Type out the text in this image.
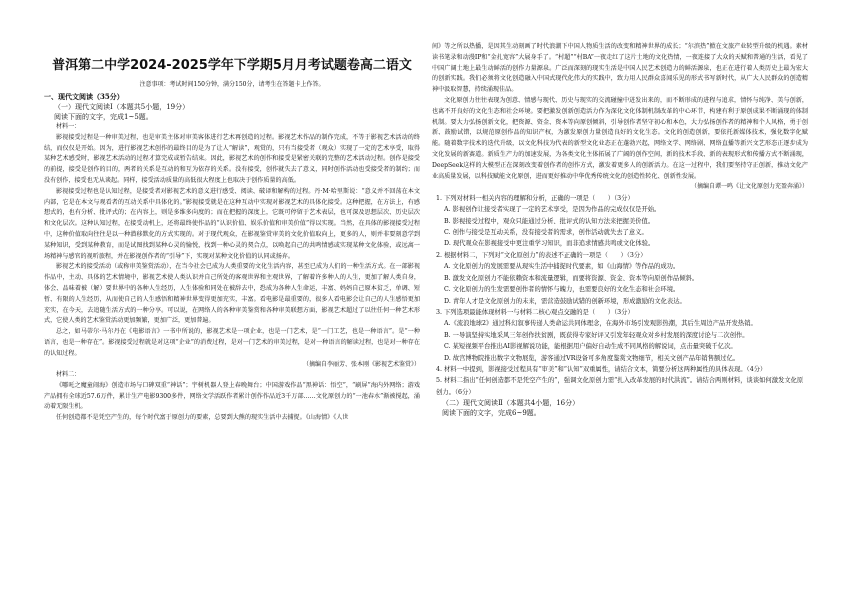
普洱第二中学2024-2025学年下学期5月月考试题卷高二语文
注意事项：考试时间150分钟，满分150分，请考生在答题卡上作答。
一、现代文阅读（35分）
（一）现代文阅读Ⅰ（本题共5小题，19分）
阅读下面的文字，完成1~5题。
材料一：
影视接受过程是一种审美过程，也是审美主体对审美客体进行艺术再创造的过程。影视艺术作品的制作完成，不等于影视艺术活动的终结，而仅仅是开始。因为，进行影视艺术创作的最终目的是为了让人“解读”，观赏的，只有当接受者（观众）实现了一定的艺术享受，取得某种艺术感受时，影视艺术活动的过程才算完成或暂告结束。因此，影视艺术的创作和接受是紧密关联的完整的艺术活动过程。创作是接受的前提，接受是创作的目的，两者的关系是互动的和互为依存的关系。没有接受，创作就失去了意义，同时创作活动也受接受者的制约；而没有创作，接受也无从谈起。同样，接受活动质量的高低很大程度上也取决于创作质量的高低。
影视接受过程也是认知过程，是接受者对影视艺术的意义进行感受、阅读、破译和解构的过程。丹·M·哈里斯说：“意义并不回荡在本文内部，它是在本文与观看者的互动关系中具体化的。”影视接受就是在这种互动中实现对影视艺术的具体化接受。这种把握，在方法上，有感想式的，也有分析、批评式的；在内容上，则是多维多向度的；而在把握的深度上，它既可停留于艺术表层，也可深及思想层次、历史层次和文化层次。这种认知过程，在接受动机上，还将最终使作品的“认识价值、娱乐价值和审美价值”得以实现。当然，在具体的影视接受过程中，这种价值取向往往是以一种潜移默化的方式实现的。对于现代观众，在影视鉴赏审美的文化价值取向上，更多的人，则并非要刻意学到某种知识，受到某种教育，而是试图找到某种心灵的愉悦，找到一种心灵的契合点，以唤起自己的共鸣情感或实现某种文化体验，或远离一场精神与感官的视听旅程，并在影视创作者的“引导”下，实现对某种文化价值的认同或扬弃。
影视艺术的接受活动（或称审美鉴赏活动），在当今社会已成为人类重要的文化生活内容，甚至已成为人们的一种生活方式。在一部影视作品中，主动、具体的艺术情境中，影视艺术使人类认识并自己所处的客观世界和主观世界，了解着许多种人的人生，更加了解人类自身，体会、品味着被（解）要世界中的各种人生经历，人生体验和同处在被辞去中，恐成为各种人生命运，丰富、妈妈自己原本贫乏，单调、短暂、有限的人生经历，从而使自己的人生感悟和精神世界变得更加充实，丰富。看电影是最重要的，很多人看电影会让自己的人生感悟更加充实，在今天，去追随生活方式的一种分享。可以说，在网络人的各种审美鉴赏和各种审美联想方面，影视艺术超过了以往任何一种艺术形式，它使人类的艺术鉴赏活动更加频繁，更加广泛，更加普遍。
总之，如马蒂尔·马尔丹在《电影语言》一书中所说的，影视艺术是一项企业，也是一门艺术，是“一门工艺，也是一种语言”。是“一种语言，也是一种存在”。影视接受过程就是对这项“企业”的消费过程，是对一门艺术的审美过程，是对一种语言的解读过程，也是对一种存在的认知过程。
（摘编自李丽芳、张本刚《影视艺术鉴赏》）
材料二：
《哪吒之魔童闹海》创造市场与口碑双重“神话”；宇树机器人登上春晚舞台；中国游戏作品“黑神话：悟空”，“刷屏”海内外网络；游戏产品拥有全球近57.6万件，累计生产电影9300多件，网络文学活跃作者累计创作作品近3千万部……文化原创力的“一池春水”渐被搅起，涌动着无限生机。
任何创造都不是凭空产生的，每个时代富于原创力的要素，总要到大熊的现实生活中去捕捉。《山海情》《人世
间》等之所以热播，是因其生动刻画了时代浪潮下中国人物质生活的改变和精神世界的成长；“尔滨热”掀在文旅产业转型升级的机遇。素材读书笔录和动漫IP和“金扎宽容”大展身手了。“村超”“村BA”一夜走红了这片土地的文化热情，一夜连接了大众的天赋和普通的生活，看见了中国广阔土地上最生动鲜活的创作力量源泉。广泛而深刻的现实生活是中国人民艺术创造力的鲜活源泉，也正在进行着人类历史上最为宏大的创新实践。我们必须将文化创造融入中国式现代化伟大的实践中，致力用人民群众喜闻乐见的形式书写新时代，从广大人民群众的创造精神中汲取智慧，持续涌现佳品。
文化原创力往往表现为创意、情感与现代、历史与现实的交流碰撞中迸发出来的，而不断形成的进程与追求，情怀与纯净、美与创新，也离不开良好的文化生态和社会环境。要把激发创新创造活力作为深化文化体制机制改革的中心环节，构建有利于原创成果不断涌现的体制机制。要大力弘扬创新文化，把资源、资金、资本等向原创倾斜，引导创作者坚守初心和本色，大力弘扬创作者的精神和个人风格，勇于创新、鼓励试错，以规范原创作品的知识产权，为激发原创力量创造良好的文化生态。文化的创造创新，要依托新媒体技术，强化数字化赋能。随着数字技术的迭代升级，以文化科技为代表的新型文化业态正在蓬勃兴起，网络文学、网络剧、网络直播等新兴文艺形态正逐步成为文化发展的新赛道。新质生产力的加速发展，为各类文化主体拓展了广阔的创作空间，新的技术手段、新的表现形式和传播方式不断涌现，DeepSeek这样的大模型正在深刻改变着创作者的创作方式，激发着更多人的创新活力。在这一过程中，我们要坚持守正创新，推动文化产业高质量发展，以科技赋能文化原创，进而更好推动中华优秀传统文化的创造性转化、创新性发展。
（摘编自谭一鸣《让文化原创力充盈奔涌》）
1. 下列对材料一相关内容的理解和分析，正确的一项是（　　）（3分）
A. 影视创作让接受者实现了一定的艺术享受，是因为作品的完成仅仅是开始。
B. 影视接受过程中，观众只能通过分析、批评式的认知方法来把握美价值。
C. 创作与接受是互动关系，没有接受者的需求，创作活动就失去了意义。
D. 现代观众在影视接受中更注重学习知识，而非追求情感共鸣或文化体验。
2. 根据材料二，下列对“文化原创力”的表述不正确的一项是（　　）（3分）
A. 文化原创力的发展需要从现实生活中捕捉时代要素，如《山海情》等作品的成功。
B. 激发文化原创力不能依赖资本和流量逻辑，而要将资源、资金、资本等向原创作品倾斜。
C. 文化原创力的生发需要创作者的情怀与魄力，也需要良好的文化生态和社会环境。
D. 青年人才是文化原创力的未来，需营造鼓励试错的创新环境，形成激励的文化表达。
3. 下列选项最能体现材料一与材料二核心观点交融的是（　　）（3分）
A.《流浪地球2》通过科幻叙事传递人类命运共同体理念，在海外市场引发观影热潮，其后生周边产品开发热销。
B. 一导演坚持实地采风三年创作扶贫剧，既获得专家好评又引发年轻观众对乡村发展的深度讨论与二次创作。
C. 某短视频平台推出AI影视解说功能，能根据用户偏好自动生成不同风格的解说词，点击量突破千亿次。
D. 故宫博物院推出数字文物展览，游客通过VR设备可多角度鉴赏文物细节，相关文创产品年销售额过亿。
4. 材料一中提到，影视接受过程具有“审美”和“认知”双重属性，请结合文本，简要分析这两种属性的具体表现。（4分）
5. 材料二指出“任何创造都不是凭空产生的”，强调文化原创力需“扎入改革发展的时代洪流”。请结合两则材料，谈谈如何激发文化原创力。（6分）
（二）现代文阅读Ⅱ（本题共4小题，16分）
阅读下面的文字，完成6~9题。
